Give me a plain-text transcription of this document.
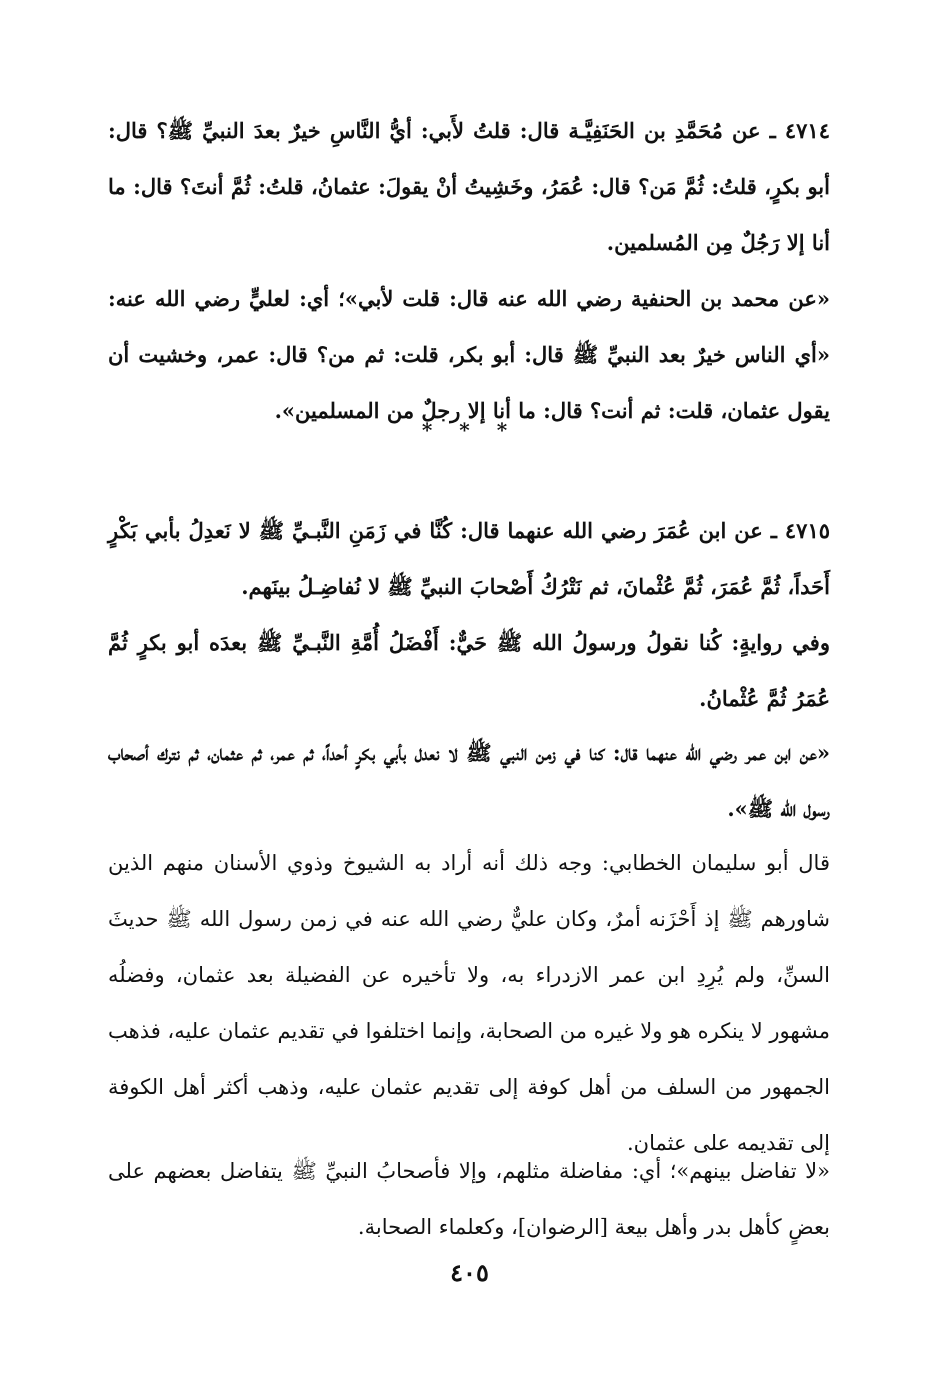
٤٧١٤ ـ عن مُحَمَّدِ بن الحَنَفِيَّـة قال: قلتُ لأَبي: أيُّ النَّاسِ خيرٌ بعدَ النبيِّ ﷺ؟ قال: أبو بكرٍ، قلتُ: ثُمَّ مَن؟ قال: عُمَرُ، وخَشِيتُ أنْ يقولَ: عثمانُ، قلتُ: ثُمَّ أنتَ؟ قال: ما أنا إلا رَجُلٌ مِن المُسلمين.

«عن محمد بن الحنفية رضي الله عنه قال: قلت لأبي»؛ أي: لعليٍّ رضي الله عنه: «أي الناس خيرٌ بعد النبيِّ ﷺ قال: أبو بكر، قلت: ثم من؟ قال: عمر، وخشيت أن يقول عثمان، قلت: ثم أنت؟ قال: ما أنا إلا رجلٌ من المسلمين».

* * *

٤٧١٥ ـ عن ابن عُمَرَ رضي الله عنهما قال: كُنَّا في زَمَنِ النَّبـيِّ ﷺ لا نَعدِلُ بأبي بَكْرٍ أَحَداً، ثُمَّ عُمَرَ، ثُمَّ عُثْمانَ، ثم نَتْرُكُ أَصْحابَ النبيِّ ﷺ لا نُفاضِـلُ بينَهم.

وفي روايةٍ: كُنا نقولُ ورسولُ الله ﷺ حَيٌّ: أَفْضَلُ أُمَّةِ النَّبـيِّ ﷺ بعدَه أبو بكرٍ ثُمَّ عُمَرُ ثُمَّ عُثْمانُ.

«عن ابن عمر رضي الله عنهما قال: كنا في زمن النبي ﷺ لا نعدل بأبي بكرٍ أحداً، ثم عمر، ثم عثمان، ثم نترك أصحاب رسول الله ﷺ».

قال أبو سليمان الخطابي: وجه ذلك أنه أراد به الشيوخ وذوي الأسنان منهم الذين شاورهم ﷺ إذ أَحْزَنه أمرٌ، وكان عليٌّ رضي الله عنه في زمن رسول الله ﷺ حديثَ السنِّ، ولم يُرِدِ ابن عمر الازدراء به، ولا تأخيره عن الفضيلة بعد عثمان، وفضلُه مشهور لا ينكره هو ولا غيره من الصحابة، وإنما اختلفوا في تقديم عثمان عليه، فذهب الجمهور من السلف من أهل كوفة إلى تقديم عثمان عليه، وذهب أكثر أهل الكوفة إلى تقديمه على عثمان.

«لا تفاضل بينهم»؛ أي: مفاضلة مثلهم، وإلا فأصحابُ النبيِّ ﷺ يتفاضل بعضهم على بعضٍ كأهل بدر وأهل بيعة [الرضوان]، وكعلماء الصحابة.

٤٠٥
